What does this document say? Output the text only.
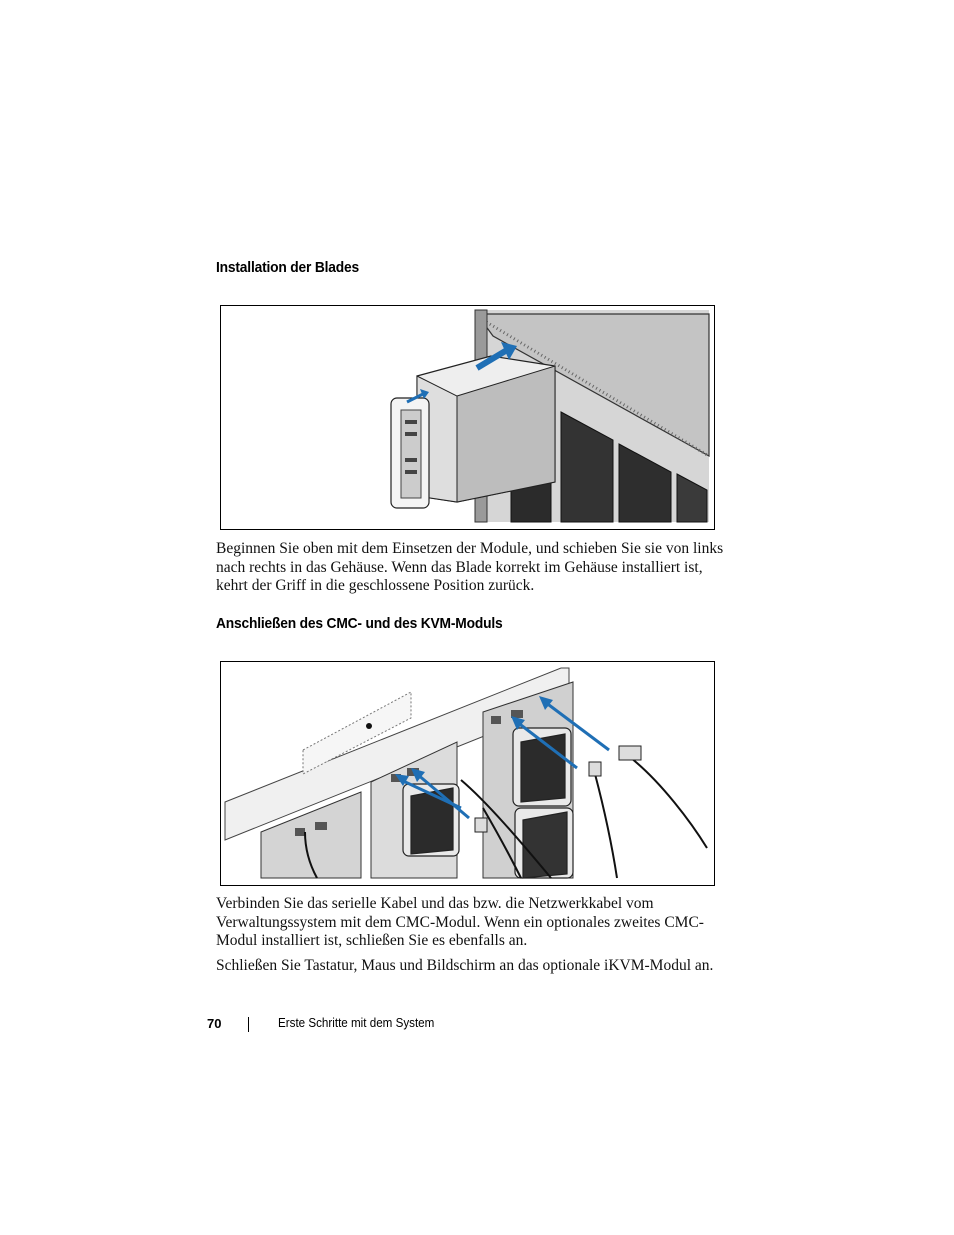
Installation der Blades

Beginnen Sie oben mit dem Einsetzen der Module, und schieben Sie sie von links nach rechts in das Gehäuse. Wenn das Blade korrekt im Gehäuse installiert ist, kehrt der Griff in die geschlossene Position zurück.

Anschließen des CMC- und des KVM-Moduls

Verbinden Sie das serielle Kabel und das bzw. die Netzwerkkabel vom Verwaltungssystem mit dem CMC-Modul. Wenn ein optionales zweites CMC-Modul installiert ist, schließen Sie es ebenfalls an.

Schließen Sie Tastatur, Maus und Bildschirm an das optionale iKVM-Modul an.

70	Erste Schritte mit dem System
